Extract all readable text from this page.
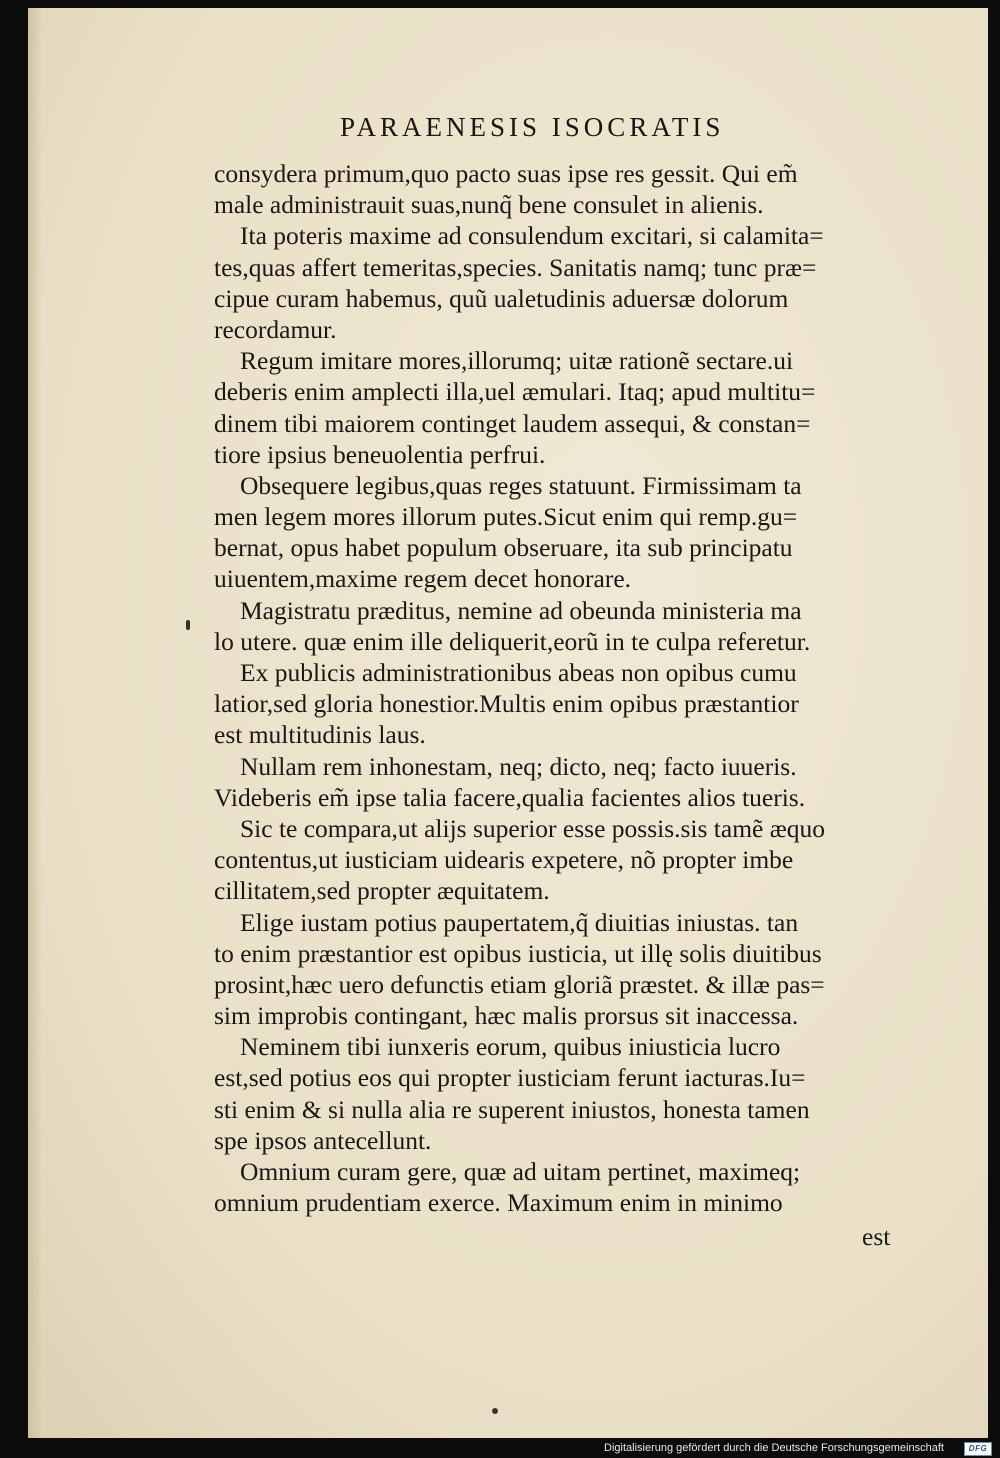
PARAENESIS ISOCRATIS
consydera primum,quo pacto suas ipse res gessit. Qui em̃
male administrauit suas,nunq̃ bene consulet in alienis.
Ita poteris maxime ad consulendum excitari, si calamita=
tes,quas affert temeritas,species. Sanitatis namq; tunc præ=
cipue curam habemus, quũ ualetudinis aduersæ dolorum
recordamur.
Regum imitare mores,illorumq; uitæ rationẽ sectare.ui
deberis enim amplecti illa,uel æmulari. Itaq; apud multitu=
dinem tibi maiorem continget laudem assequi, & constan=
tiore ipsius beneuolentia perfrui.
Obsequere legibus,quas reges statuunt. Firmissimam ta
men legem mores illorum putes.Sicut enim qui remp.gu=
bernat, opus habet populum obseruare, ita sub principatu
uiuentem,maxime regem decet honorare.
Magistratu præditus, nemine ad obeunda ministeria ma
lo utere. quæ enim ille deliquerit,eorũ in te culpa referetur.
Ex publicis administrationibus abeas non opibus cumu
latior,sed gloria honestior.Multis enim opibus præstantior
est multitudinis laus.
Nullam rem inhonestam, neq; dicto, neq; facto iuueris.
Videberis em̃ ipse talia facere,qualia facientes alios tueris.
Sic te compara,ut alijs superior esse possis.sis tamẽ æquo
contentus,ut iusticiam uidearis expetere, nõ propter imbe
cillitatem,sed propter æquitatem.
Elige iustam potius paupertatem,q̃ diuitias iniustas. tan
to enim præstantior est opibus iusticia, ut illę solis diuitibus
prosint,hæc uero defunctis etiam gloriã præstet. & illæ pas=
sim improbis contingant, hæc malis prorsus sit inaccessa.
Neminem tibi iunxeris eorum, quibus iniusticia lucro
est,sed potius eos qui propter iusticiam ferunt iacturas.Iu=
sti enim & si nulla alia re superent iniustos, honesta tamen
spe ipsos antecellunt.
Omnium curam gere, quæ ad uitam pertinet, maximeq;
omnium prudentiam exerce. Maximum enim in minimo
est
Digitalisierung gefördert durch die Deutsche Forschungsgemeinschaft	DFG
